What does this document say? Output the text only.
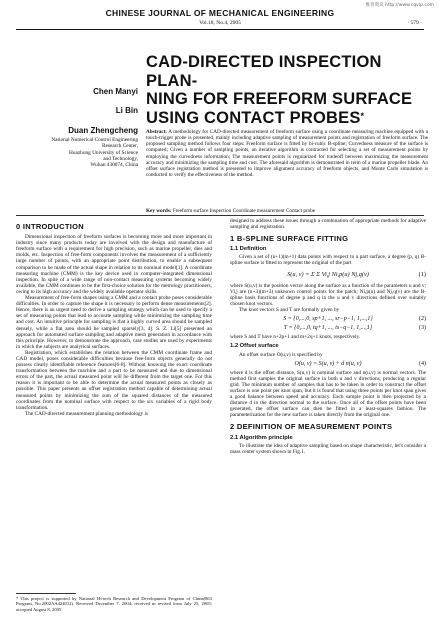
维普资讯 http://www.cqvip.com
CHINESE JOURNAL OF MECHANICAL ENGINEERING
Vol.18, No.4, 2005	· 579 ·
CAD-DIRECTED INSPECTION PLAN-
NING FOR FREEFORM SURFACE
USING CONTACT PROBES*
Chen Manyi
Li Bin
Duan Zhengcheng
National Numerical Control Engineering
Research Center,
Huazhong University of Science
and Technology,
Wuhan 430074, China
Abstract: A methodology for CAD-directed measurement of freeform surface using a coordinate measuring machine equipped with a touch-trigger probe is presented, mainly including adaptive sampling of measurement points and registration of freeform surface. The proposed sampling method follows four steps: Freeform surface is fitted by bi-cubic B-spline; Curvedness measure of the surface is computed; Given a number of sampling points, an iterative algorithm is contracted for selecting a set of measurement points by employing the curvedness information; The measurement points is regularized for tradeoff between maximizing the measurement accuracy and minimizing the sampling time and cost. The aforesaid algorithm is demonstrated in term of a marine propeller blade. An offset surface registration method is presented to improve alignment accuracy of freeform objects, and Monte Carlo simulation is conducted to verify the effectiveness of the method.
Key words: Freeform surface Inspection Coordinate measurement Contact probe
0 INTRODUCTION

Dimensional inspection of freeform surfaces is becoming more and more important in industry since many products today are involved with the design and manufacture of freeform surface with a requirement for high precision, such as marine propeller, dies and molds, etc. Inspection of free-form components involves the measurement of a sufficiently large number of points, with an appropriate point distribution, to enable a subsequent comparison to be made of the actual shape in relation to its nominal model[1]. A coordinate measuring machine (CMM) is the key device used in computer-integrated dimensional inspection. In spite of a wide range of non-contact measuring systems becoming widely available, the CMM continues to be the first-choice solution for the metrology practitioners, owing to its high accuracy and the widely available operator skills.

Measurement of free-form shapes using a CMM and a contact probe poses considerable difficulties. In order to capture the shape it is necessary to perform dense measurements[2]. Hence, there is an urgent need to derive a sampling strategy which can be used to specify a set of measuring points that lead to accurate sampling while minimizing the sampling time and cost. An intuitive principle for sampling is that a highly curved area should be sampled densely, while a flat area should be sampled sparsely[3, 4]. S. Z. Li[5] presented an approach for automated surface sampling and adaptive mesh generation in accordance with this principle. However, to demonstrate the approach, case studies are used by experiments in which the subjects are analytical surfaces.

Registration, which establishes the relation between the CMM coordinate frame and CAD model, poses considerable difficulties because free-form objects generally do not possess clearly identifiable reference features[6-8]. Without knowing the exact coordinate transformation between the machine and a part to be measured and due to dimensional errors of the part, the actual measured point will be different from the target one. For this reason it is important to be able to determine the actual measured points as closely as possible. This paper presents an offset registration method capable of determining actual measured points by minimizing the sum of the squared distances of the measured coordinates from the nominal surface with respect to the six variables of a rigid body transformation.

The CAD-directed measurement planning methodology is

* This project is supported by National Hi-tech Research and Development Program of China(863 Program, No.2002AA424012). Received December 7, 2004; received in revised form July 25, 2005; accepted August 8, 2005

designed to address these issues through a combination of appropriate methods for adaptive sampling and registration.

1 B-SPLINE SURFACE FITTING
1.1 Definition

Given a set of (n+1)(m+1) data points with respect to a part surface, a degree (p, q) B-spline surface is fitted to represent the original of the part

S(u, v) = Σ Σ Vi,j Ni,p(u) Nj,q(v)	(1)

where S(u,v) is the position vector along the surface as a function of the parameters u and v; Vi,j are (n+3)(m+3) unknown control points for the patch; Ni,p(u) and Nj,q(v) are the B-spline basis functions of degree p and q in the u and v directions defined over suitably chosen knot vectors.

The knot vectors S and T are formally given by

S = {0,...,0, sp+1, ..., sr−p−1, 1,...,1}	(2)
T = {0,...,0, tq+1, ..., ts−q−1, 1,...,1}	(3)

where S and T have n+2p+1 and m+2q+1 knots, respectively.

1.2 Offset surface

An offset surface O(u,v) is specified by

O(u, v) = S(u, v) + d n(u, v)	(4)

where d is the offset distance, S(u,v) is nominal surface and n(u,v) is normal vectors. The method first samples the original surface in both u and v directions, producing a regular grid. The minimum number of samples that has to be taken in order to construct the offset surface is one point per knot span, but it is found that using three points per knot span gives a good balance between speed and accuracy. Each sample point is then projected by a distance d in the direction normal to the surface. Once all of the offset points have been generated, the offset surface can then be fitted in a least-squares fashion. The parameterization for the new surface is taken directly from the original one.

2 DEFINITION OF MEASUREMENT POINTS
2.1 Algorithm principle

To illustrate the idea of adaptive sampling based on shape characteristic, let's consider a mass center system shown in Fig.1.
